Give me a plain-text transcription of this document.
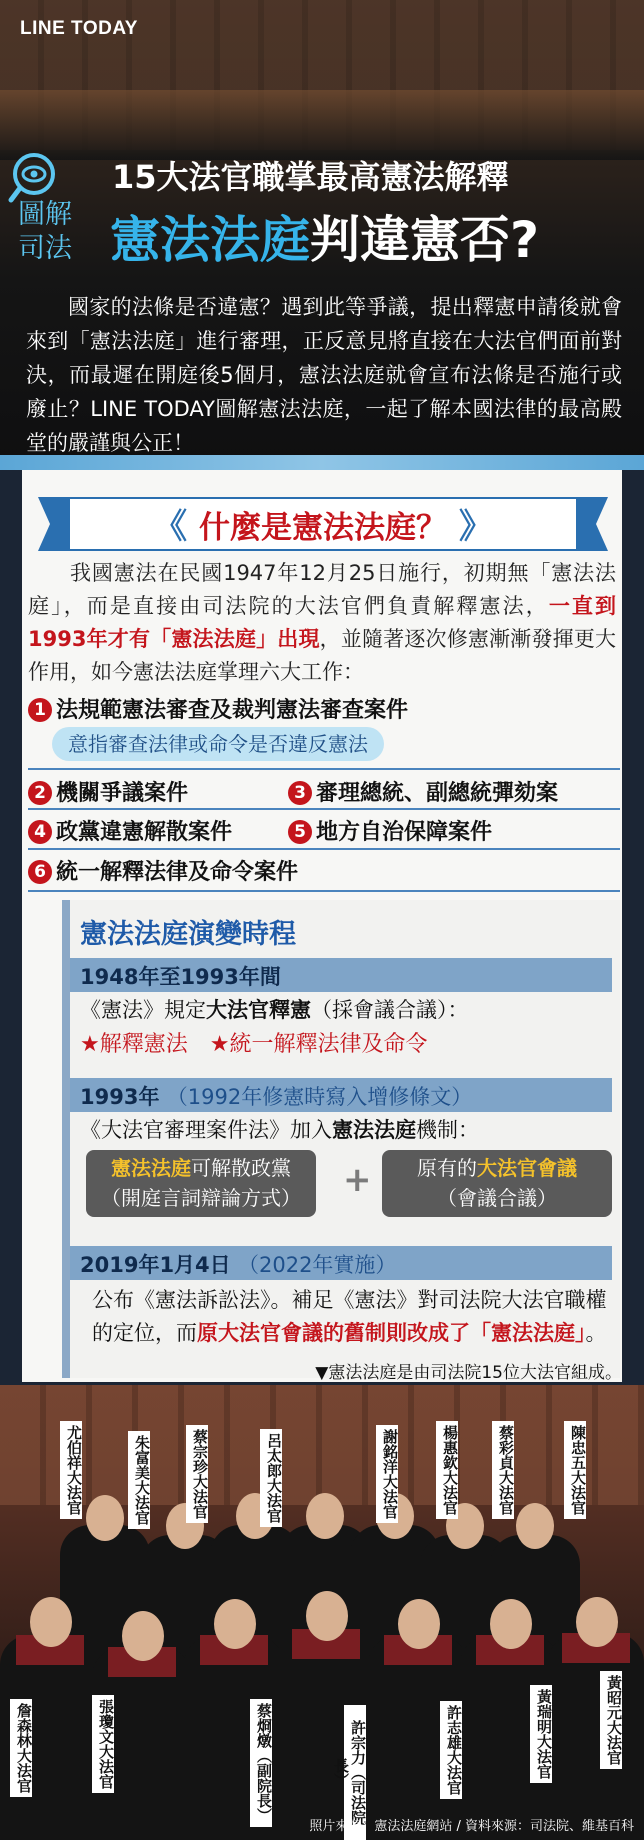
LINE TODAY
圖解
司法
15大法官職掌最高憲法解釋
憲法法庭判違憲否?
國家的法條是否違憲？遇到此等爭議，提出釋憲申請後就會來到「憲法法庭」進行審理，正反意見將直接在大法官們面前對決，而最遲在開庭後5個月，憲法法庭就會宣布法條是否施行或廢止？LINE TODAY圖解憲法法庭，一起了解本國法律的最高殿堂的嚴謹與公正！
《 什麼是憲法法庭？ 》
我國憲法在民國1947年12月25日施行，初期無「憲法法庭」，而是直接由司法院的大法官們負責解釋憲法，一直到1993年才有「憲法法庭」出現，並隨著逐次修憲漸漸發揮更大作用，如今憲法法庭掌理六大工作：
1 法規範憲法審查及裁判憲法審查案件
意指審查法律或命令是否違反憲法
2 機關爭議案件	3 審理總統、副總統彈劾案
4 政黨違憲解散案件	5 地方自治保障案件
6 統一解釋法律及命令案件
憲法法庭演變時程
1948年至1993年間
《憲法》規定大法官釋憲（採會議合議）：
★解釋憲法　 ★統一解釋法律及命令
1993年 （1992年修憲時寫入增修條文）
《大法官審理案件法》加入憲法法庭機制：
憲法法庭可解散政黨
（開庭言詞辯論方式）	+	原有的大法官會議
（會議合議）
2019年1月4日 （2022年實施）
公布《憲法訴訟法》。補足《憲法》對司法院大法官職權的定位，而原大法官會議的舊制則改成了「憲法法庭」。
▼憲法法庭是由司法院15位大法官組成。
尤伯祥大法官	朱富美大法官	蔡宗珍大法官	呂太郎大法官	謝銘洋大法官	楊惠欽大法官	蔡彩貞大法官	陳忠五大法官
詹森林大法官	張瓊文大法官	蔡烱燉（副院長）	許宗力（司法院長）	許志雄大法官	黃瑞明大法官	黃昭元大法官
照片來源：憲法法庭網站 / 資料來源：司法院、維基百科
